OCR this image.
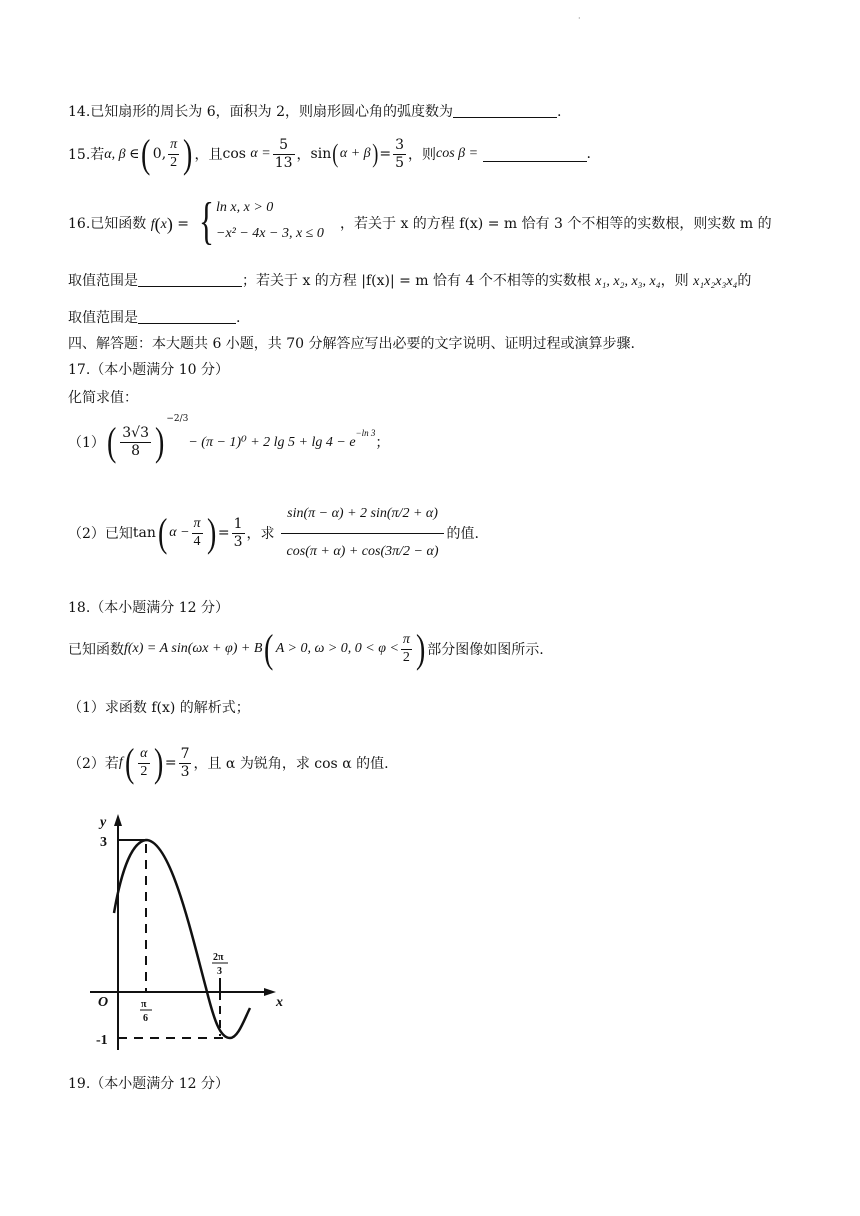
·
14.已知扇形的周长为 6，面积为 2，则扇形圆心角的弧度数为	.
15.若 α, β ∈ ( 0, $\frac{\pi}{2}$ ) ，且 cos
$\alpha = \frac{5}{13}$ ， sin ( α + β ) = $\frac{3}{5}$ ，则 cos β =
	.
16.已知函数 f(x) = { ln x, x > 0
−x² − 4x − 3, x ≤ 0
，若关于 x 的方程 f(x) = m 恰有 3 个不相等的实数根，则实数 m 的
取值范围是	；若关于 x 的方程 |f(x)| = m 恰有 4 个不相等的实数根 x₁, x₂, x₃, x₄，则 x₁x₂x₃x₄的
取值范围是	.
四、解答题：本大题共 6 小题，共 70 分解答应写出必要的文字说明、证明过程或演算步骤.
17.（本小题满分 10 分）
化简求值：
（1） ( $\frac{3√3}{8} )^{-2/3}$
− (π − 1)⁰ + 2 lg 5 + lg 4 − e
$^{-ln 3}$
；
（2）已知 tan ( $\alpha - \frac{\pi}{4}$ ) = $\frac{1}{3}$ ，求 $\frac{\sin(\pi - \alpha) + 2 \sin(\pi/2 + \alpha)}{\cos(\pi + \alpha) + \cos(3\pi/2 - \alpha)}$ 的值.
18.（本小题满分 12 分）
已知函数 f(x) = A sin(ωx + φ) + B ( A > 0, ω > 0, $0 < \varphi < \frac{\pi}{2}$ ) 部分图像如图所示.
（1）求函数 f(x) 的解析式；
（2）若 f ( $\frac{\alpha}{2}$ ) = $\frac{7}{3}$ ，且 α 为锐角，求 cos α 的值.
y
x
O
3
-1
π
6
2π
3
19.（本小题满分 12 分）
